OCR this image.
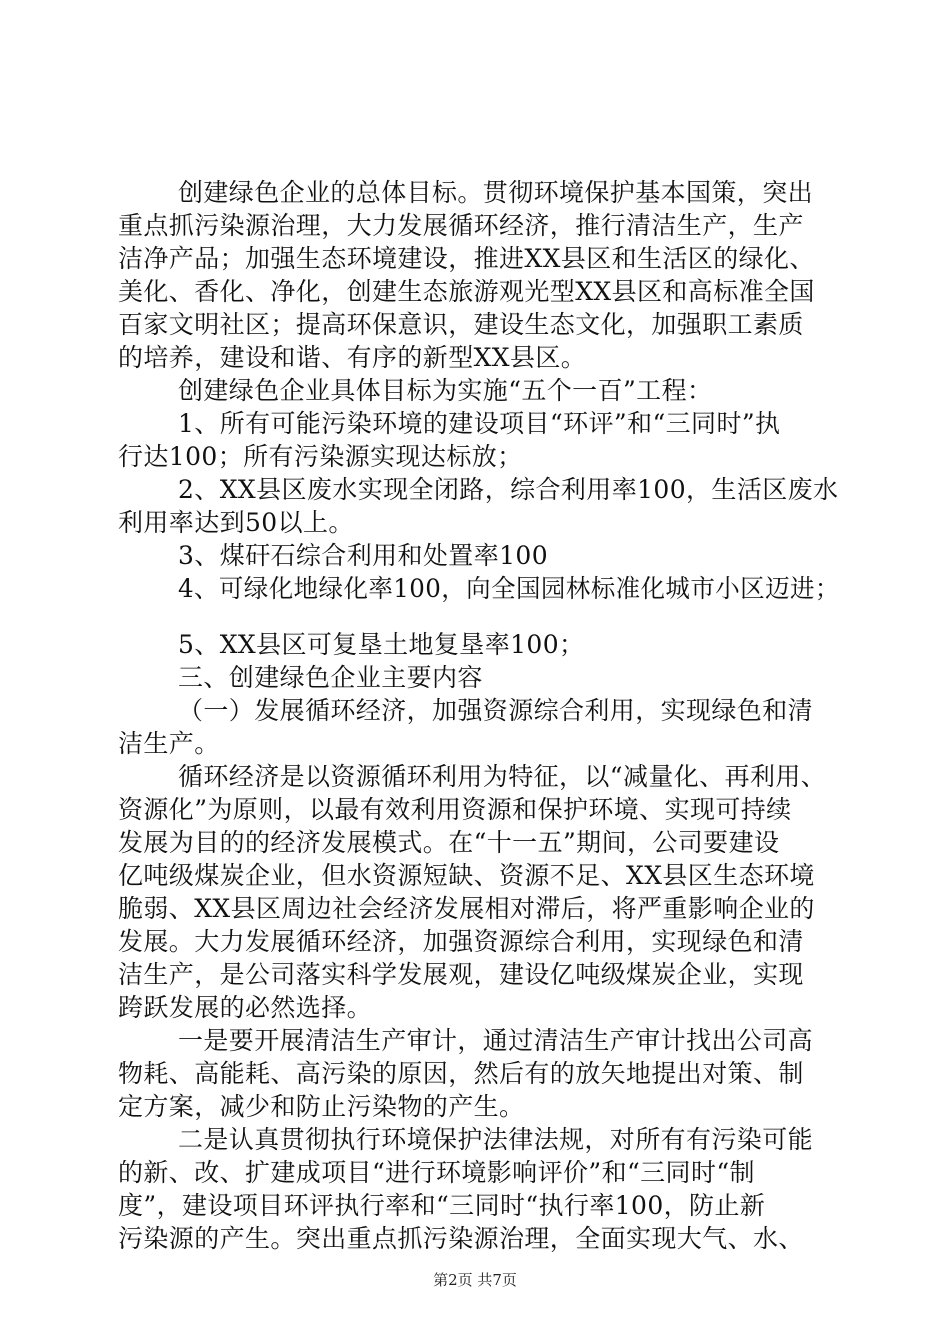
创建绿色企业的总体目标。贯彻环境保护基本国策，突出
重点抓污染源治理，大力发展循环经济，推行清洁生产，生产
洁净产品；加强生态环境建设，推进XX县区和生活区的绿化、
美化、香化、净化，创建生态旅游观光型XX县区和高标准全国
百家文明社区；提高环保意识，建设生态文化，加强职工素质
的培养，建设和谐、有序的新型XX县区。
创建绿色企业具体目标为实施“五个一百”工程：
1、所有可能污染环境的建设项目“环评”和“三同时”执
行达100；所有污染源实现达标放；
2、XX县区废水实现全闭路，综合利用率100，生活区废水
利用率达到50以上。
3、煤矸石综合利用和处置率100
4、可绿化地绿化率100，向全国园林标准化城市小区迈进；
5、XX县区可复垦土地复垦率100；
三、创建绿色企业主要内容
（一）发展循环经济，加强资源综合利用，实现绿色和清
洁生产。
循环经济是以资源循环利用为特征，以“减量化、再利用、
资源化”为原则，以最有效利用资源和保护环境、实现可持续
发展为目的的经济发展模式。在“十一五”期间，公司要建设
亿吨级煤炭企业，但水资源短缺、资源不足、XX县区生态环境
脆弱、XX县区周边社会经济发展相对滞后，将严重影响企业的
发展。大力发展循环经济，加强资源综合利用，实现绿色和清
洁生产，是公司落实科学发展观，建设亿吨级煤炭企业，实现
跨跃发展的必然选择。
一是要开展清洁生产审计，通过清洁生产审计找出公司高
物耗、高能耗、高污染的原因，然后有的放矢地提出对策、制
定方案，减少和防止污染物的产生。
二是认真贯彻执行环境保护法律法规，对所有有污染可能
的新、改、扩建成项目“进行环境影响评价”和“三同时“制
度”，建设项目环评执行率和“三同时“执行率100，防止新
污染源的产生。突出重点抓污染源治理，全面实现大气、水、
第2页 共7页
